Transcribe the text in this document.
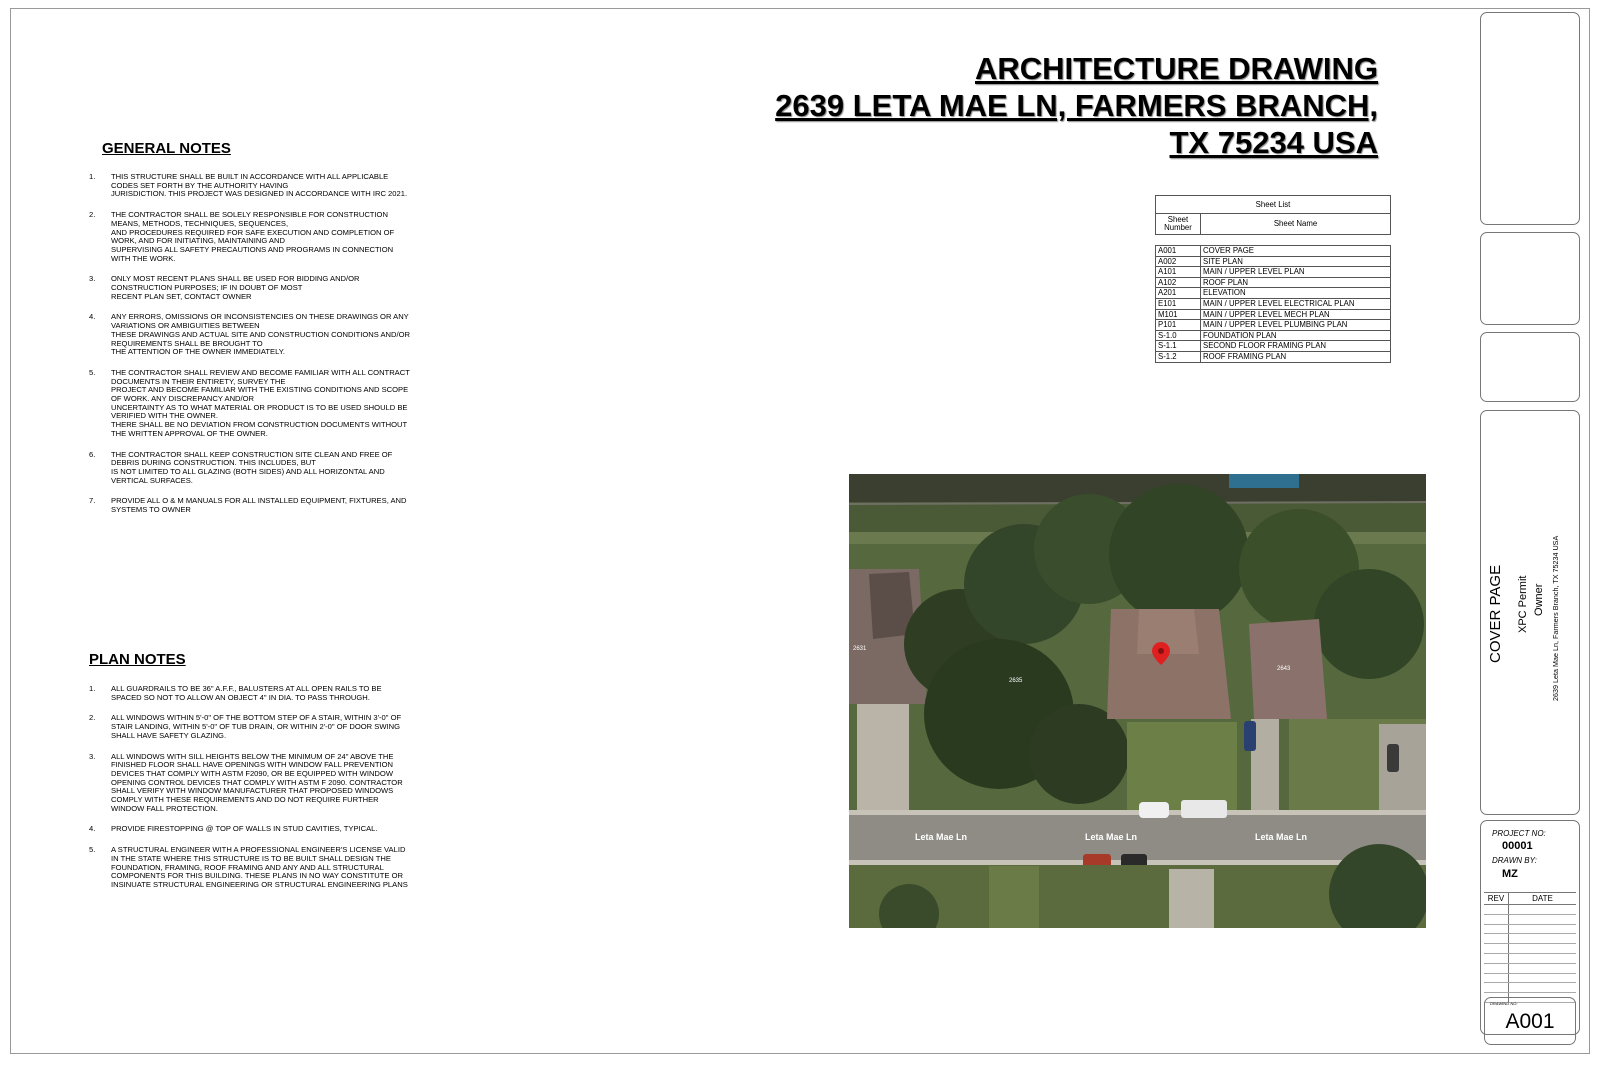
ARCHITECTURE DRAWING
2639 LETA MAE LN, FARMERS BRANCH,
TX 75234 USA
GENERAL NOTES
1. THIS STRUCTURE SHALL BE BUILT IN ACCORDANCE WITH ALL APPLICABLE
CODES SET FORTH BY THE AUTHORITY HAVING
JURISDICTION. THIS PROJECT WAS DESIGNED IN ACCORDANCE WITH IRC 2021.
2. THE CONTRACTOR SHALL BE SOLELY RESPONSIBLE FOR CONSTRUCTION
MEANS, METHODS, TECHNIQUES, SEQUENCES,
AND PROCEDURES REQUIRED FOR SAFE EXECUTION AND COMPLETION OF
WORK, AND FOR INITIATING, MAINTAINING AND
SUPERVISING ALL SAFETY PRECAUTIONS AND PROGRAMS IN CONNECTION
WITH THE WORK.
3. ONLY MOST RECENT PLANS SHALL BE USED FOR BIDDING AND/OR
CONSTRUCTION PURPOSES; IF IN DOUBT OF MOST
RECENT PLAN SET, CONTACT OWNER
4. ANY ERRORS, OMISSIONS OR INCONSISTENCIES ON THESE DRAWINGS OR ANY
VARIATIONS OR AMBIGUITIES BETWEEN
THESE DRAWINGS AND ACTUAL SITE AND CONSTRUCTION CONDITIONS AND/OR
REQUIREMENTS SHALL BE BROUGHT TO
THE ATTENTION OF THE OWNER IMMEDIATELY.
5. THE CONTRACTOR SHALL REVIEW AND BECOME FAMILIAR WITH ALL CONTRACT
DOCUMENTS IN THEIR ENTIRETY, SURVEY THE
PROJECT AND BECOME FAMILIAR WITH THE EXISTING CONDITIONS AND SCOPE
OF WORK. ANY DISCREPANCY AND/OR
UNCERTAINTY AS TO WHAT MATERIAL OR PRODUCT IS TO BE USED SHOULD BE
VERIFIED WITH THE OWNER.
THERE SHALL BE NO DEVIATION FROM CONSTRUCTION DOCUMENTS WITHOUT
THE WRITTEN APPROVAL OF THE OWNER.
6. THE CONTRACTOR SHALL KEEP CONSTRUCTION SITE CLEAN AND FREE OF
DEBRIS DURING CONSTRUCTION. THIS INCLUDES, BUT
IS NOT LIMITED TO ALL GLAZING (BOTH SIDES) AND ALL HORIZONTAL AND
VERTICAL SURFACES.
7. PROVIDE ALL O & M MANUALS FOR ALL INSTALLED EQUIPMENT, FIXTURES, AND
SYSTEMS TO OWNER
PLAN NOTES
1. ALL GUARDRAILS TO BE 36" A.F.F., BALUSTERS AT ALL OPEN RAILS TO BE
SPACED SO NOT TO ALLOW AN OBJECT 4" IN DIA. TO PASS THROUGH.
2. ALL WINDOWS WITHIN 5'-0" OF THE BOTTOM STEP OF A STAIR, WITHIN 3'-0" OF
STAIR LANDING, WITHIN 5'-0" OF TUB DRAIN, OR WITHIN 2'-0" OF DOOR SWING
SHALL HAVE SAFETY GLAZING.
3. ALL WINDOWS WITH SILL HEIGHTS BELOW THE MINIMUM OF 24" ABOVE THE
FINISHED FLOOR SHALL HAVE OPENINGS WITH WINDOW FALL PREVENTION
DEVICES THAT COMPLY WITH ASTM F2090, OR BE EQUIPPED WITH WINDOW
OPENING CONTROL DEVICES THAT COMPLY WITH ASTM F 2090. CONTRACTOR
SHALL VERIFY WITH WINDOW MANUFACTURER THAT PROPOSED WINDOWS
COMPLY WITH THESE REQUIREMENTS AND DO NOT REQUIRE FURTHER
WINDOW FALL PROTECTION.
4. PROVIDE FIRESTOPPING @ TOP OF WALLS IN STUD CAVITIES, TYPICAL.
5. A STRUCTURAL ENGINEER WITH A PROFESSIONAL ENGINEER'S LICENSE VALID
IN THE STATE WHERE THIS STRUCTURE IS TO BE BUILT SHALL DESIGN THE
FOUNDATION, FRAMING, ROOF FRAMING AND ANY AND ALL STRUCTURAL
COMPONENTS FOR THIS BUILDING. THESE PLANS IN NO WAY CONSTITUTE OR
INSINUATE STRUCTURAL ENGINEERING OR STRUCTURAL ENGINEERING PLANS
Sheet List
Sheet Number	Sheet Name
A001	COVER PAGE
A002	SITE PLAN
A101	MAIN / UPPER LEVEL PLAN
A102	ROOF PLAN
A201	ELEVATION
E101	MAIN / UPPER LEVEL ELECTRICAL PLAN
M101	MAIN / UPPER LEVEL MECH PLAN
P101	MAIN / UPPER LEVEL PLUMBING PLAN
S-1.0	FOUNDATION PLAN
S-1.1	SECOND FLOOR FRAMING PLAN
S-1.2	ROOF FRAMING PLAN
Leta Mae Ln	Leta Mae Ln	Leta Mae Ln
2631
2635
2643
COVER PAGE XPC Permit Owner 2639 Leta Mae Ln, Farmers Branch, TX 75234 USA
PROJECT NO:
00001
DRAWN BY:
MZ
REV	DATE
DRAWING NO:
A001
